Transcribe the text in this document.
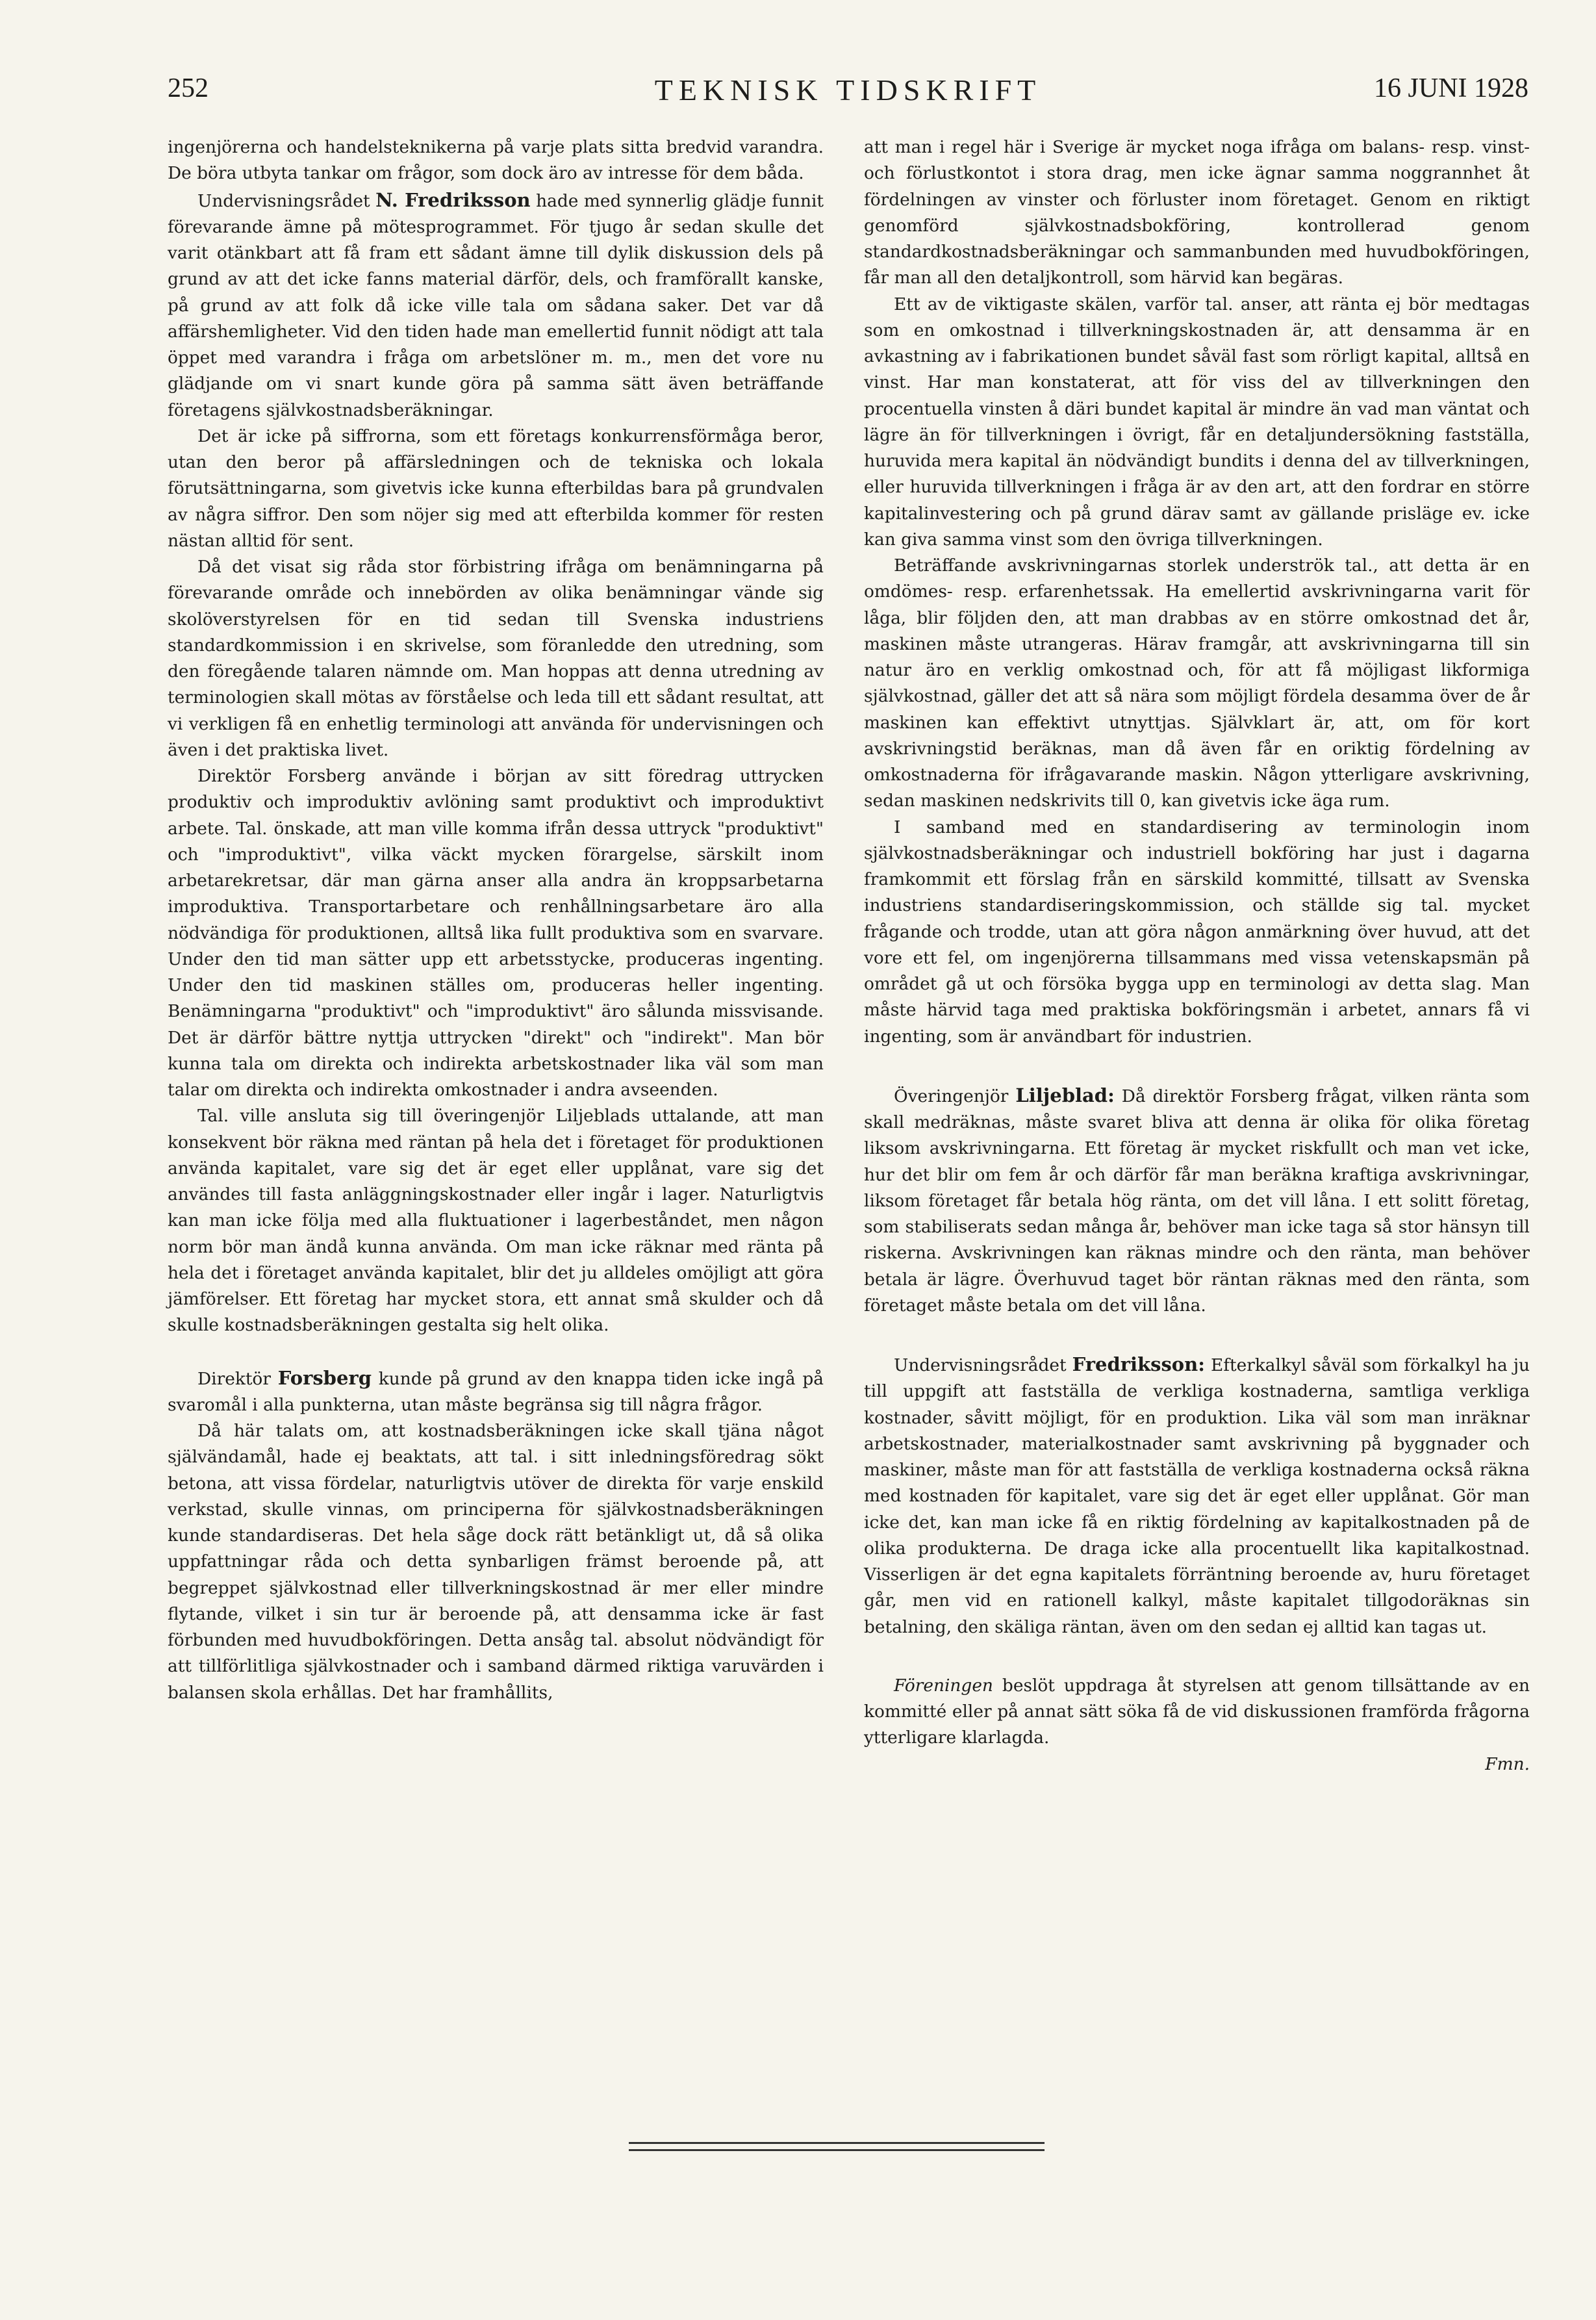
252	TEKNISK TIDSKRIFT	16 JUNI 1928

ingenjörerna och handelsteknikerna på varje plats sitta bredvid varandra. De böra utbyta tankar om frågor, som dock äro av intresse för dem båda.

Undervisningsrådet N. Fredriksson hade med synnerlig glädje funnit förevarande ämne på mötesprogrammet. För tjugo år sedan skulle det varit otänkbart att få fram ett sådant ämne till dylik diskussion dels på grund av att det icke fanns material därför, dels, och framförallt kanske, på grund av att folk då icke ville tala om sådana saker. Det var då affärshemligheter. Vid den tiden hade man emellertid funnit nödigt att tala öppet med varandra i fråga om arbetslöner m. m., men det vore nu glädjande om vi snart kunde göra på samma sätt även beträffande företagens självkostnadsberäkningar.

Det är icke på siffrorna, som ett företags konkurrensförmåga beror, utan den beror på affärsledningen och de tekniska och lokala förutsättningarna, som givetvis icke kunna efterbildas bara på grundvalen av några siffror. Den som nöjer sig med att efterbilda kommer för resten nästan alltid för sent.

Då det visat sig råda stor förbistring ifråga om benämningarna på förevarande område och innebörden av olika benämningar vände sig skolöverstyrelsen för en tid sedan till Svenska industriens standardkommission i en skrivelse, som föranledde den utredning, som den föregående talaren nämnde om. Man hoppas att denna utredning av terminologien skall mötas av förståelse och leda till ett sådant resultat, att vi verkligen få en enhetlig terminologi att använda för undervisningen och även i det praktiska livet.

Direktör Forsberg använde i början av sitt föredrag uttrycken produktiv och improduktiv avlöning samt produktivt och improduktivt arbete. Tal. önskade, att man ville komma ifrån dessa uttryck "produktivt" och "improduktivt", vilka väckt mycken förargelse, särskilt inom arbetarekretsar, där man gärna anser alla andra än kroppsarbetarna improduktiva. Transportarbetare och renhållningsarbetare äro alla nödvändiga för produktionen, alltså lika fullt produktiva som en svarvare. Under den tid man sätter upp ett arbetsstycke, produceras ingenting. Under den tid maskinen ställes om, produceras heller ingenting. Benämningarna "produktivt" och "improduktivt" äro sålunda missvisande. Det är därför bättre nyttja uttrycken "direkt" och "indirekt". Man bör kunna tala om direkta och indirekta arbetskostnader lika väl som man talar om direkta och indirekta omkostnader i andra avseenden.

Tal. ville ansluta sig till överingenjör Liljeblads uttalande, att man konsekvent bör räkna med räntan på hela det i företaget för produktionen använda kapitalet, vare sig det är eget eller upplånat, vare sig det användes till fasta anläggningskostnader eller ingår i lager. Naturligtvis kan man icke följa med alla fluktuationer i lagerbeståndet, men någon norm bör man ändå kunna använda. Om man icke räknar med ränta på hela det i företaget använda kapitalet, blir det ju alldeles omöjligt att göra jämförelser. Ett företag har mycket stora, ett annat små skulder och då skulle kostnadsberäkningen gestalta sig helt olika.

Direktör Forsberg kunde på grund av den knappa tiden icke ingå på svaromål i alla punkterna, utan måste begränsa sig till några frågor.

Då här talats om, att kostnadsberäkningen icke skall tjäna något självändamål, hade ej beaktats, att tal. i sitt inledningsföredrag sökt betona, att vissa fördelar, naturligtvis utöver de direkta för varje enskild verkstad, skulle vinnas, om principerna för självkostnadsberäkningen kunde standardiseras. Det hela såge dock rätt betänkligt ut, då så olika uppfattningar råda och detta synbarligen främst beroende på, att begreppet självkostnad eller tillverkningskostnad är mer eller mindre flytande, vilket i sin tur är beroende på, att densamma icke är fast förbunden med huvudbokföringen. Detta ansåg tal. absolut nödvändigt för att tillförlitliga självkostnader och i samband därmed riktiga varuvärden i balansen skola erhållas. Det har framhållits,

att man i regel här i Sverige är mycket noga ifråga om balans- resp. vinst- och förlustkontot i stora drag, men icke ägnar samma noggrannhet åt fördelningen av vinster och förluster inom företaget. Genom en riktigt genomförd självkostnadsbokföring, kontrollerad genom standardkostnadsberäkningar och sammanbunden med huvudbokföringen, får man all den detaljkontroll, som härvid kan begäras.

Ett av de viktigaste skälen, varför tal. anser, att ränta ej bör medtagas som en omkostnad i tillverkningskostnaden är, att densamma är en avkastning av i fabrikationen bundet såväl fast som rörligt kapital, alltså en vinst. Har man konstaterat, att för viss del av tillverkningen den procentuella vinsten å däri bundet kapital är mindre än vad man väntat och lägre än för tillverkningen i övrigt, får en detaljundersökning fastställa, huruvida mera kapital än nödvändigt bundits i denna del av tillverkningen, eller huruvida tillverkningen i fråga är av den art, att den fordrar en större kapitalinvestering och på grund därav samt av gällande prisläge ev. icke kan giva samma vinst som den övriga tillverkningen.

Beträffande avskrivningarnas storlek underströk tal., att detta är en omdömes- resp. erfarenhetssak. Ha emellertid avskrivningarna varit för låga, blir följden den, att man drabbas av en större omkostnad det år, maskinen måste utrangeras. Härav framgår, att avskrivningarna till sin natur äro en verklig omkostnad och, för att få möjligast likformiga självkostnad, gäller det att så nära som möjligt fördela desamma över de år maskinen kan effektivt utnyttjas. Självklart är, att, om för kort avskrivningstid beräknas, man då även får en oriktig fördelning av omkostnaderna för ifrågavarande maskin. Någon ytterligare avskrivning, sedan maskinen nedskrivits till 0, kan givetvis icke äga rum.

I samband med en standardisering av terminologin inom självkostnadsberäkningar och industriell bokföring har just i dagarna framkommit ett förslag från en särskild kommitté, tillsatt av Svenska industriens standardiseringskommission, och ställde sig tal. mycket frågande och trodde, utan att göra någon anmärkning över huvud, att det vore ett fel, om ingenjörerna tillsammans med vissa vetenskapsmän på området gå ut och försöka bygga upp en terminologi av detta slag. Man måste härvid taga med praktiska bokföringsmän i arbetet, annars få vi ingenting, som är användbart för industrien.

Överingenjör Liljeblad: Då direktör Forsberg frågat, vilken ränta som skall medräknas, måste svaret bliva att denna är olika för olika företag liksom avskrivningarna. Ett företag är mycket riskfullt och man vet icke, hur det blir om fem år och därför får man beräkna kraftiga avskrivningar, liksom företaget får betala hög ränta, om det vill låna. I ett solitt företag, som stabiliserats sedan många år, behöver man icke taga så stor hänsyn till riskerna. Avskrivningen kan räknas mindre och den ränta, man behöver betala är lägre. Överhuvud taget bör räntan räknas med den ränta, som företaget måste betala om det vill låna.

Undervisningsrådet Fredriksson: Efterkalkyl såväl som förkalkyl ha ju till uppgift att fastställa de verkliga kostnaderna, samtliga verkliga kostnader, såvitt möjligt, för en produktion. Lika väl som man inräknar arbetskostnader, materialkostnader samt avskrivning på byggnader och maskiner, måste man för att fastställa de verkliga kostnaderna också räkna med kostnaden för kapitalet, vare sig det är eget eller upplånat. Gör man icke det, kan man icke få en riktig fördelning av kapitalkostnaden på de olika produkterna. De draga icke alla procentuellt lika kapitalkostnad. Visserligen är det egna kapitalets förräntning beroende av, huru företaget går, men vid en rationell kalkyl, måste kapitalet tillgodoräknas sin betalning, den skäliga räntan, även om den sedan ej alltid kan tagas ut.

Föreningen beslöt uppdraga åt styrelsen att genom tillsättande av en kommitté eller på annat sätt söka få de vid diskussionen framförda frågorna ytterligare klarlagda.

Fmn.
